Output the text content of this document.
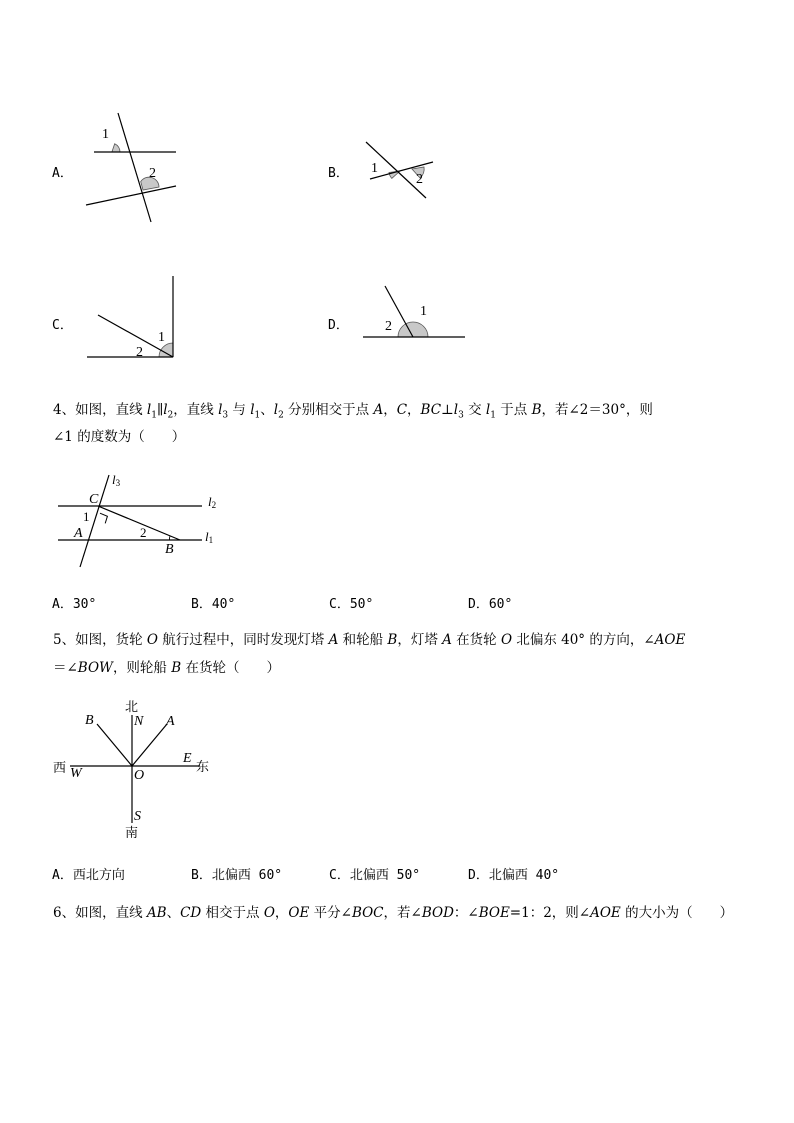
A．
1
2	B． 1
2
C．
1
2
D．
1
2
4、如图，直线 $l_1\parallel l_2$，直线 $l_3$ 与 $l_1$、$l_2$ 分别相交于点 A，C，$BC\perp l_3$ 交 $l_1$ 于点 B，若∠2＝30°，则
∠1 的度数为（　　）
l3
l2
l1
C
A
B
1
2
A．30°	B．40°	C．50°	D．60°
5、如图，货轮 O 航行过程中，同时发现灯塔 A 和轮船 B，灯塔 A 在货轮 O 北偏东 40° 的方向，∠AOE
＝∠BOW，则轮船 B 在货轮（　　）
北
南
西	东
N
S
W
E
O
A
B
A．西北方向	B．北偏西 60°	C．北偏西 50°	D．北偏西 40°
6、如图，直线 AB、CD 相交于点 O，OE 平分∠BOC，若∠BOD：∠BOE=1：2，则∠AOE 的大小为（　　）
